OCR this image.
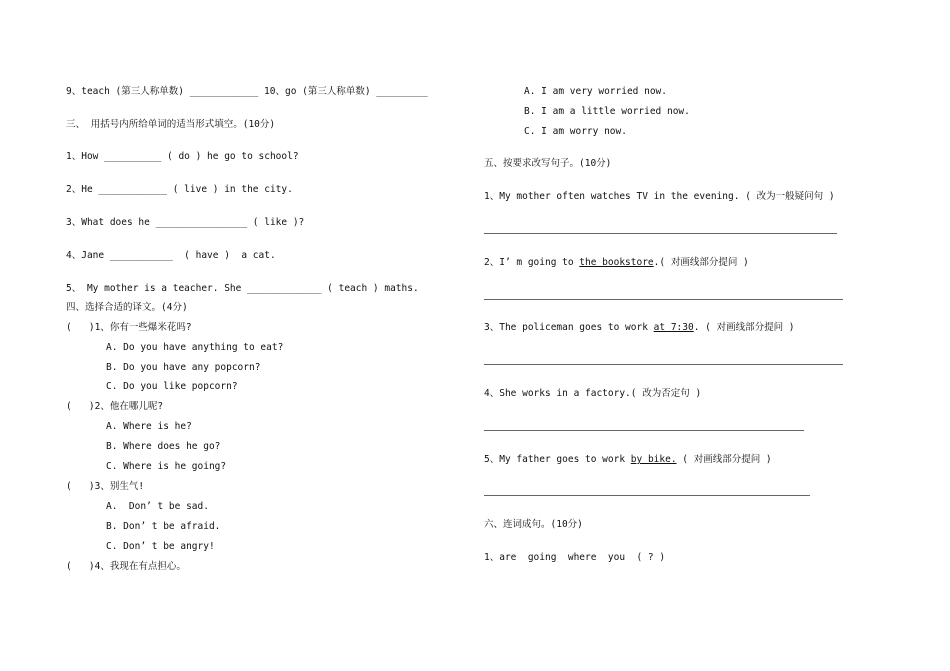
9、teach (第三人称单数) ____________ 10、go (第三人称单数) _________
三、 用括号内所给单词的适当形式填空。(10分)
1、How __________ ( do ) he go to school?
2、He ____________ ( live ) in the city.
3、What does he ________________ ( like )?
4、Jane ___________  ( have )  a cat.
5、 My mother is a teacher. She _____________ ( teach ) maths.
四、选择合适的译文。(4分)
(   )1、你有一些爆米花吗?
A. Do you have anything to eat?
B. Do you have any popcorn?
C. Do you like popcorn?
(   )2、他在哪儿呢?
A. Where is he?
B. Where does he go?
C. Where is he going?
(   )3、别生气!
A.  Don’ t be sad.
B. Don’ t be afraid.
C. Don’ t be angry!
(   )4、我现在有点担心。
A. I am very worried now.
B. I am a little worried now.
C. I am worry now.
五、按要求改写句子。(10分)
1、My mother often watches TV in the evening. ( 改为一般疑问句 )
2、I’ m going to the bookstore.( 对画线部分提问 )
3、The policeman goes to work at 7:30. ( 对画线部分提问 )
4、She works in a factory.( 改为否定句 )
5、My father goes to work by bike. ( 对画线部分提问 )
六、连词成句。(10分)
1、are  going  where  you  ( ? )
